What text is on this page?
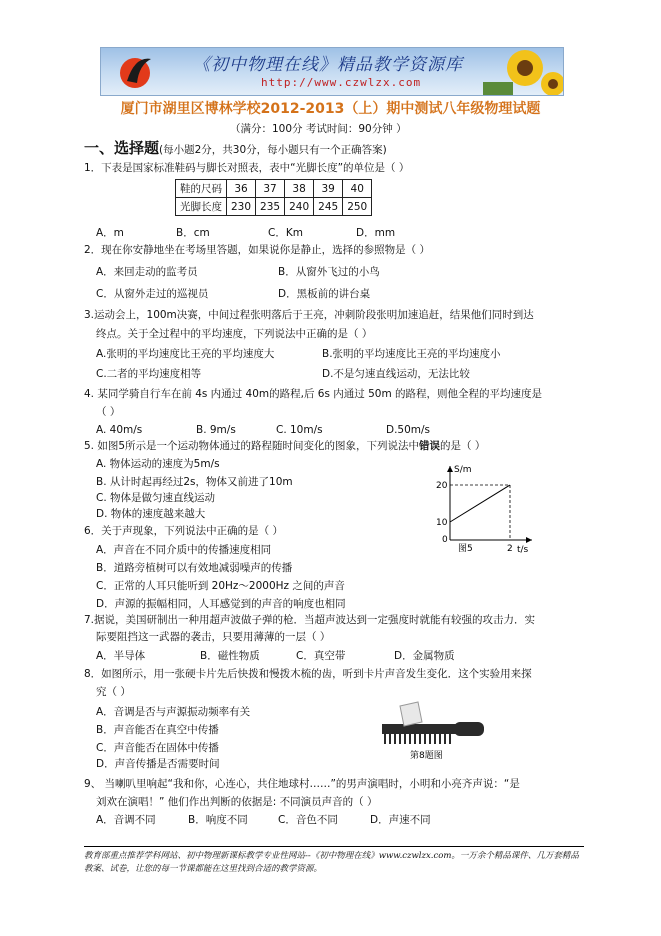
《初中物理在线》精品教学资源库
http://www.czwlzx.com
厦门市湖里区博林学校2012-2013（上）期中测试八年级物理试题
（满分：100分 考试时间：90分钟 ）
一、选择题(每小题2分，共30分，每小题只有一个正确答案)
1．下表是国家标准鞋码与脚长对照表，表中“光脚长度”的单位是（ ）
鞋的尺码	36	37	38	39	40
光脚长度	230	235	240	245	250
A．m	B．cm	C．Km	D．mm
2．现在你安静地坐在考场里答题，如果说你是静止，选择的参照物是（ ）
A．来回走动的监考员	B．从窗外飞过的小鸟
C．从窗外走过的巡视员	D．黑板前的讲台桌
3.运动会上，100m决赛，中间过程张明落后于王亮，冲刺阶段张明加速追赶，结果他们同时到达
终点。关于全过程中的平均速度，下列说法中正确的是（ ）
A.张明的平均速度比王亮的平均速度大	B.张明的平均速度比王亮的平均速度小
C.二者的平均速度相等	D.不是匀速直线运动，无法比较
4. 某同学骑自行车在前 4s 内通过 40m的路程,后 6s 内通过 50m 的路程，则他全程的平均速度是
（ ）
A. 40m/s	B. 9m/s	C. 10m/s	D.50m/s
5. 如图5所示是一个运动物体通过的路程随时间变化的图象，下列说法中错误的是（ ）
A. 物体运动的速度为5m/s
B. 从计时起再经过2s，物体又前进了10m
C. 物体是做匀速直线运动
D. 物体的速度越来越大
S/m
t/s
20
10
0
2
图5
6．关于声现象，下列说法中正确的是（ ）
A．声音在不同介质中的传播速度相同
B．道路旁植树可以有效地减弱噪声的传播
C．正常的人耳只能听到 20Hz～2000Hz 之间的声音
D．声源的振幅相同，人耳感觉到的声音的响度也相同
7.据说，美国研制出一种用超声波做子弹的枪．当超声波达到一定强度时就能有较强的攻击力．实
际要阻挡这一武器的袭击，只要用薄薄的一层（ ）
A．半导体	B．磁性物质	C．真空带	D．金属物质
8．如图所示，用一张硬卡片先后快拨和慢拨木梳的齿，听到卡片声音发生变化．这个实验用来探
究（ ）
A．音调是否与声源振动频率有关
B．声音能否在真空中传播
C．声音能否在固体中传播
D．声音传播是否需要时间
第8题图
9、 当喇叭里响起“我和你，心连心，共住地球村……”的男声演唱时，小明和小亮齐声说：“是
刘欢在演唱！” 他们作出判断的依据是: 不同演员声音的（ ）
A．音调不同	B．响度不同	C．音色不同	D．声速不同
教育部重点推荐学科网站、初中物理新课标教学专业性网站--《初中物理在线》www.czwlzx.com。一万余个精品课件、几万套精品教案、试卷，让您的每一节课都能在这里找到合适的教学资源。
